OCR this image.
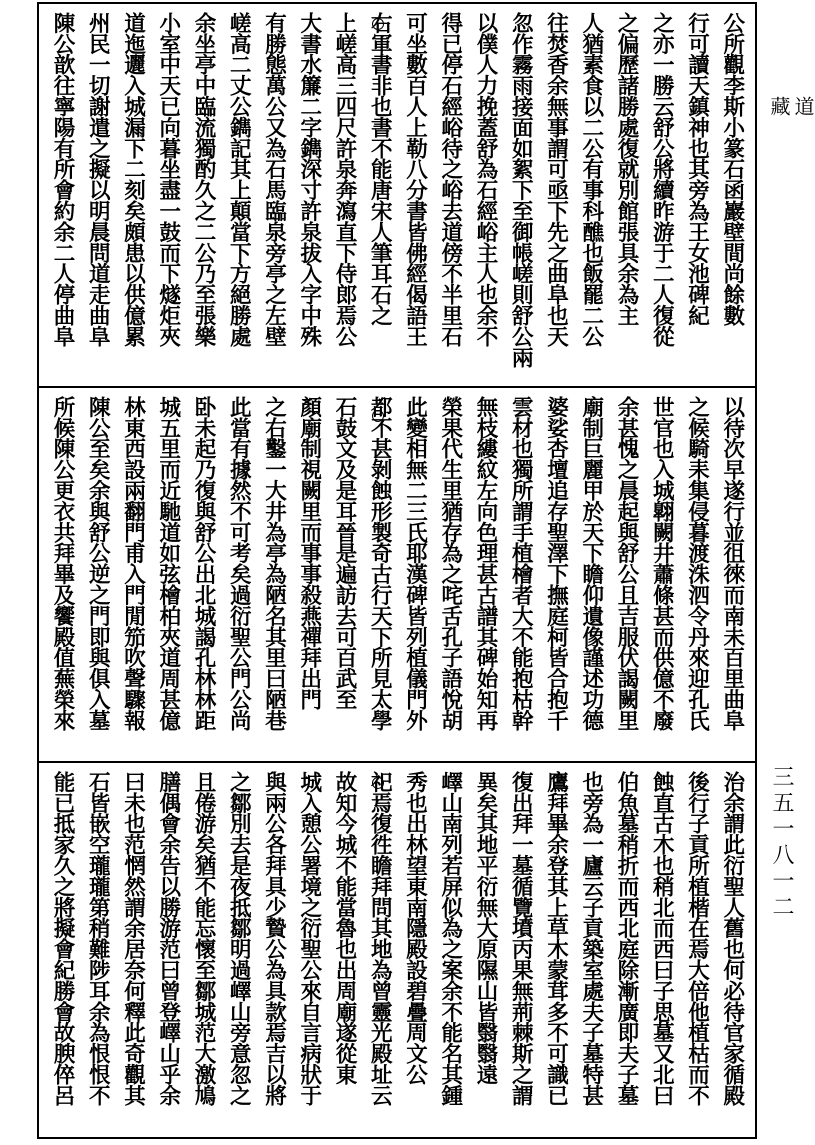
公所觀李斯小篆石函巖壁間尚餘數
行可讀天鎮神也其旁為王女池碑紀
之亦一勝云舒公將續昨游于二人復從
之偏歷諸勝處復就別館張具余為主
人猶素食以二公有事科醮也飯罷二公
往焚香余無事謂可亟下先之曲阜也天
忽作霧雨接面如絮下至御帳嵯則舒公兩
以僕人力挽蓋舒為石經峪主人也余不
得已停石經峪待之峪去道傍不半里石
可坐數百人上勒八分書皆佛經偈語王
右軍書非也書不能唐宋人筆耳石之
上嵯高三四尺許泉奔瀉直下侍郎焉公
大書水簾二字鐫深寸許泉拔入字中殊
有勝態萬公又為石馬臨泉旁亭之左壁
嵯高二丈公鐫記其上顛當下方絕勝處
余坐亭中臨流獨酌久之二公乃至張樂
小室中天已向暮坐盡一鼓而下燧炬夾
道迤邐入城漏下二刻矣頗患以供億累
州民一切謝遣之擬以明晨問道走曲阜
陳公歆往寧陽有所會約余二人停曲阜
以待次早遂行並徂徠而南未百里曲阜
之候騎耒集侵暮渡洙泗令丹來迎孔氏
世官也入城翺闕井蕭條甚而供億不廢
余甚愧之晨起與舒公且吉服伏謁闕里
廟制巨麗甲於天下瞻仰遺像謹述功德
婆娑杏壇追存聖澤下撫庭柯皆合抱千
雲材也獨所謂手植檜者大不能抱枯幹
無枝縷紋左向色理甚古譜其碑始知再
榮果代生里猶存為之咤舌孔子語悅胡
此變相無二三氏耶漢碑皆列植儀門外
都不甚剝蝕形製奇古行天下所見太學
石鼓文及是耳晉是遍訪去可百武至
顏廟制視闕里而事事殺燕禪拜出門
之右鑿一大井為亭為陋名其里曰陋巷
此當有據然不可考矣過衍聖公門公尚
卧未起乃復與舒公出北城謁孔林林距
城五里而近馳道如弦檜柏夾道周甚億
林東西設兩翻門甫入門閒笳吹聲驟報
陳公至矣余與舒公逆之門即與俱入墓
所候陳公更衣共拜畢及饗殿值蕪榮來
治余謂此衍聖人舊也何必待官家循殿
後行子貢所植楷在焉大倍他植枯而不
蝕直古木也稍北而西曰子思墓又北曰
伯魚墓稍折而西北庭除漸廣即夫子墓
也旁為一廬云子貢築室處夫子墓特甚
鷹拜畢余登其上草木蒙茸多不可識已
復出拜一墓循覽墳丙果無荊棘斯之謂
異矣其地平衍無大原隰山皆翳翳遠
嶧山南列若屏似為之案余不能名其鍾
秀也出林望東南隱殿設碧疊周文公
祀焉復徃瞻拜問其地為曾靈光殿址云
故知今城不能當魯也出周廟遂從東
城入憩公署境之衍聖公來自言病狀于
與兩公各拜具少贄公為具款焉吉以將
之鄒別去是夜抵鄒明過嶧山旁意忽之
且倦游矣猶不能忘懷至鄒城范大激鳩
膳偶會余告以勝游范曰曾登嶧山乎余
曰未也范惘然謂余居奈何釋此奇觀其
石皆嵌空瓏瓏第稍難陟耳余為恨恨不
能已抵家久之將擬會紀勝會故腴倅呂
道
藏
三五一八一二
